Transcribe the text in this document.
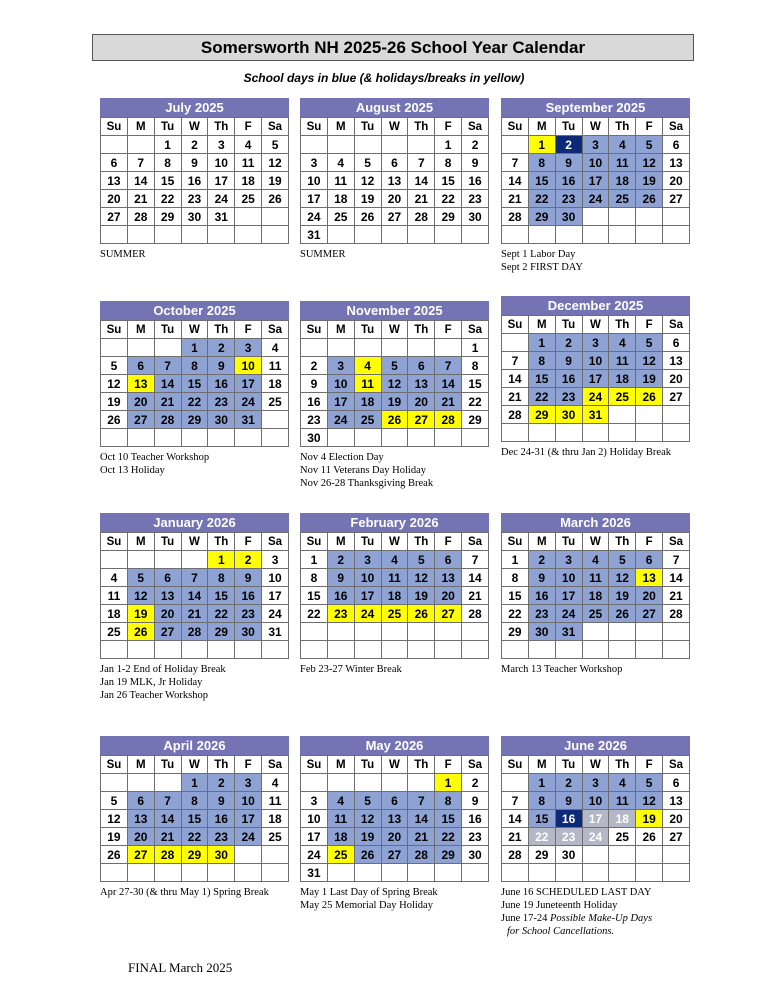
Somersworth NH 2025-26 School Year Calendar
School days in blue (& holidays/breaks in yellow)
July 2025
Su	M	Tu	W	Th	F	Sa
		1	2	3	4	5
6	7	8	9	10	11	12
13	14	15	16	17	18	19
20	21	22	23	24	25	26
27	28	29	30	31		

SUMMER
August 2025
Su	M	Tu	W	Th	F	Sa
					1	2
3	4	5	6	7	8	9
10	11	12	13	14	15	16
17	18	19	20	21	22	23
24	25	26	27	28	29	30
31						
SUMMER
September 2025
Su	M	Tu	W	Th	F	Sa
	1	2	3	4	5	6
7	8	9	10	11	12	13
14	15	16	17	18	19	20
21	22	23	24	25	26	27
28	29	30				

Sept 1 Labor Day
Sept 2 FIRST DAY
October 2025
Su	M	Tu	W	Th	F	Sa
			1	2	3	4
5	6	7	8	9	10	11
12	13	14	15	16	17	18
19	20	21	22	23	24	25
26	27	28	29	30	31	

Oct 10 Teacher Workshop
Oct 13 Holiday
November 2025
Su	M	Tu	W	Th	F	Sa
						1
2	3	4	5	6	7	8
9	10	11	12	13	14	15
16	17	18	19	20	21	22
23	24	25	26	27	28	29
30						
Nov 4 Election Day
Nov 11 Veterans Day Holiday
Nov 26-28 Thanksgiving Break
December 2025
Su	M	Tu	W	Th	F	Sa
	1	2	3	4	5	6
7	8	9	10	11	12	13
14	15	16	17	18	19	20
21	22	23	24	25	26	27
28	29	30	31			

Dec 24-31 (& thru Jan 2) Holiday Break
January 2026
Su	M	Tu	W	Th	F	Sa
				1	2	3
4	5	6	7	8	9	10
11	12	13	14	15	16	17
18	19	20	21	22	23	24
25	26	27	28	29	30	31

Jan 1-2 End of Holiday Break
Jan 19 MLK, Jr Holiday
Jan 26 Teacher Workshop
February 2026
Su	M	Tu	W	Th	F	Sa
1	2	3	4	5	6	7
8	9	10	11	12	13	14
15	16	17	18	19	20	21
22	23	24	25	26	27	28

Feb 23-27 Winter Break
March 2026
Su	M	Tu	W	Th	F	Sa
1	2	3	4	5	6	7
8	9	10	11	12	13	14
15	16	17	18	19	20	21
22	23	24	25	26	27	28
29	30	31				

March 13 Teacher Workshop
April 2026
Su	M	Tu	W	Th	F	Sa
			1	2	3	4
5	6	7	8	9	10	11
12	13	14	15	16	17	18
19	20	21	22	23	24	25
26	27	28	29	30		

Apr 27-30 (& thru May 1) Spring Break
May 2026
Su	M	Tu	W	Th	F	Sa
					1	2
3	4	5	6	7	8	9
10	11	12	13	14	15	16
17	18	19	20	21	22	23
24	25	26	27	28	29	30
31						
May 1 Last Day of Spring Break
May 25 Memorial Day Holiday
June 2026
Su	M	Tu	W	Th	F	Sa
	1	2	3	4	5	6
7	8	9	10	11	12	13
14	15	16	17	18	19	20
21	22	23	24	25	26	27
28	29	30				

June 16 SCHEDULED LAST DAY
June 19 Juneteenth Holiday
June 17-24 Possible Make-Up Days
for School Cancellations.
FINAL March 2025
